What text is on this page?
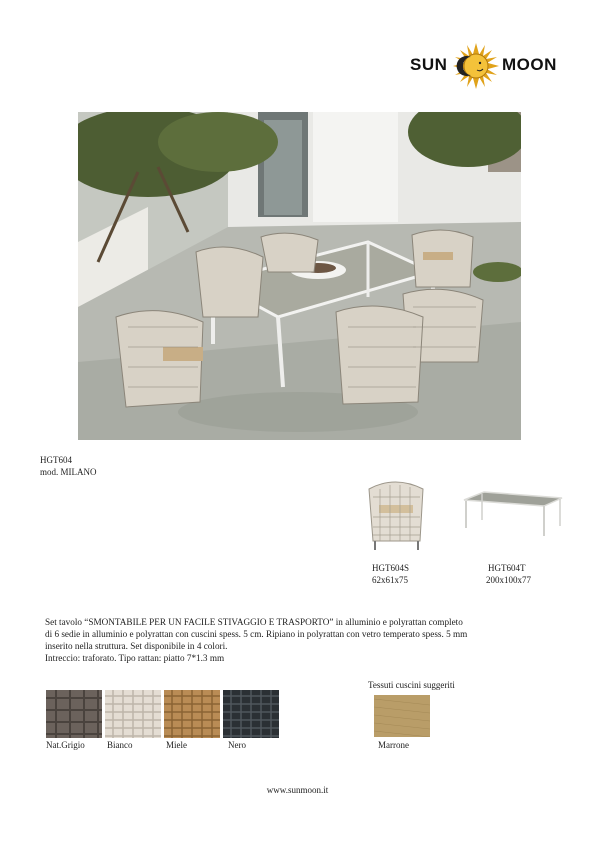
SUN	MOON
HGT604
mod. MILANO
HGT604S
62x61x75
HGT604T
200x100x77
Set tavolo “SMONTABILE PER UN FACILE STIVAGGIO E TRASPORTO” in alluminio e polyrattan completo
di 6 sedie in alluminio e polyrattan con cuscini spess. 5 cm. Ripiano in polyrattan con vetro temperato spess. 5 mm
inserito nella struttura. Set disponibile in 4 colori.
Intreccio: traforato. Tipo rattan: piatto 7*1.3 mm
Nat.Grigio Bianco	Miele	Nero
Tessuti cuscini suggeriti
Marrone
www.sunmoon.it
